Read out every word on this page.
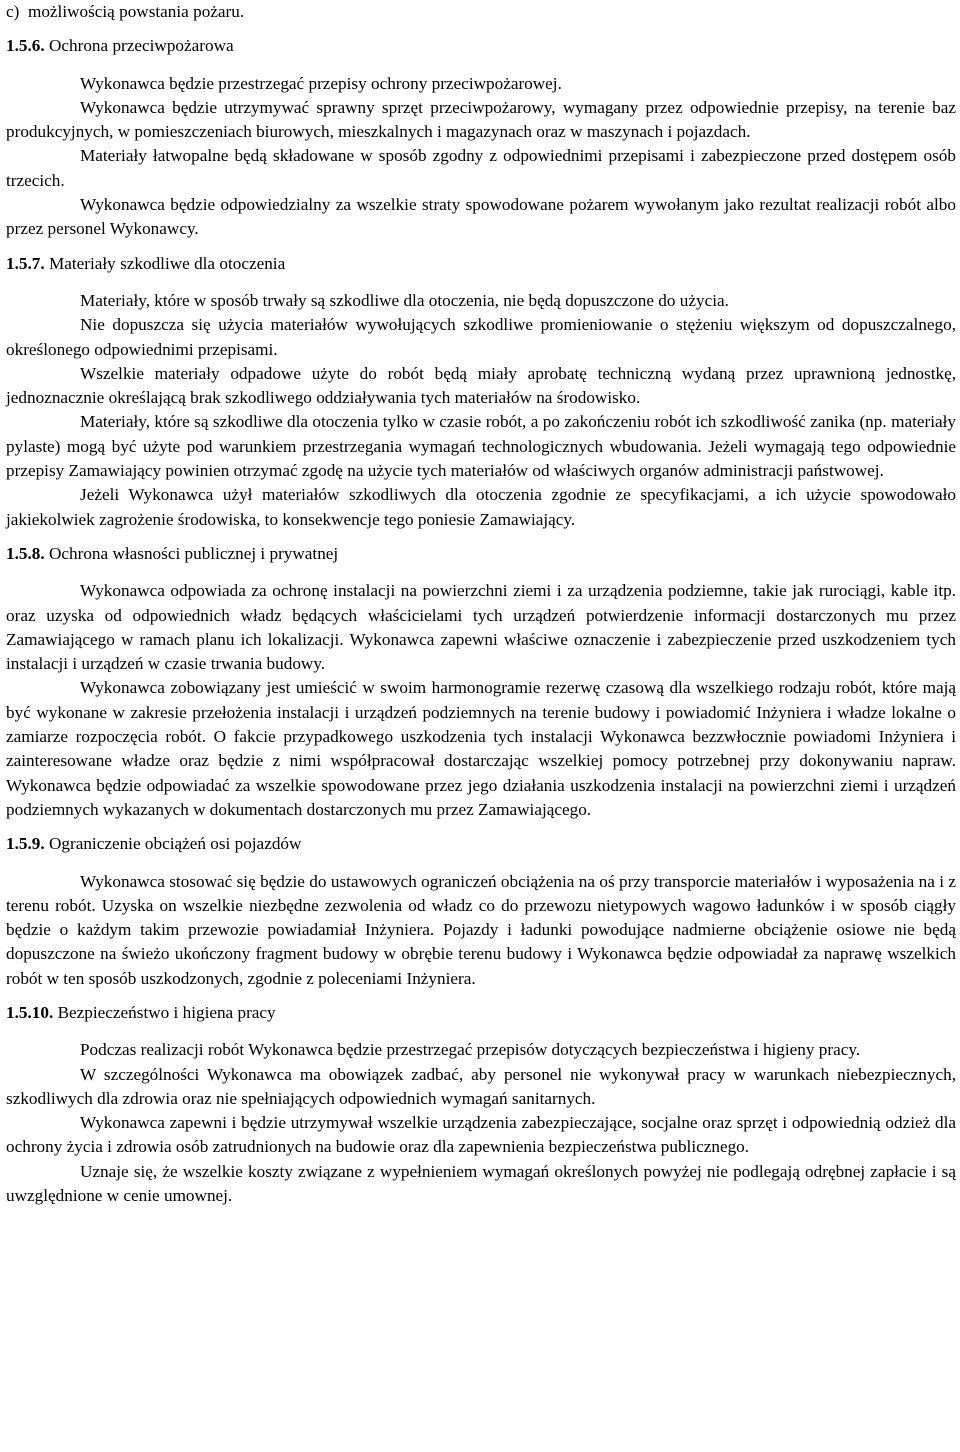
c)  możliwością powstania pożaru.

1.5.6. Ochrona przeciwpożarowa

Wykonawca będzie przestrzegać przepisy ochrony przeciwpożarowej.

Wykonawca będzie utrzymywać sprawny sprzęt przeciwpożarowy, wymagany przez odpowiednie przepisy, na terenie baz produkcyjnych, w pomieszczeniach biurowych, mieszkalnych i magazynach oraz w maszynach i pojazdach.

Materiały łatwopalne będą składowane w sposób zgodny z odpowiednimi przepisami i zabezpieczone przed dostępem osób trzecich.

Wykonawca będzie odpowiedzialny za wszelkie straty spowodowane pożarem wywołanym jako rezultat realizacji robót albo przez personel Wykonawcy.

1.5.7. Materiały szkodliwe dla otoczenia

Materiały, które w sposób trwały są szkodliwe dla otoczenia, nie będą dopuszczone do użycia.

Nie dopuszcza się użycia materiałów wywołujących szkodliwe promieniowanie o stężeniu większym od dopuszczalnego, określonego odpowiednimi przepisami.

Wszelkie materiały odpadowe użyte do robót będą miały aprobatę techniczną wydaną przez uprawnioną jednostkę, jednoznacznie określającą brak szkodliwego oddziaływania tych materiałów na środowisko.

Materiały, które są szkodliwe dla otoczenia tylko w czasie robót, a po zakończeniu robót ich szkodliwość zanika (np. materiały pylaste) mogą być użyte pod warunkiem przestrzegania wymagań technologicznych wbudowania. Jeżeli wymagają tego odpowiednie przepisy Zamawiający powinien otrzymać zgodę na użycie tych materiałów od właściwych organów administracji państwowej.

Jeżeli Wykonawca użył materiałów szkodliwych dla otoczenia zgodnie ze specyfikacjami, a ich użycie spowodowało jakiekolwiek zagrożenie środowiska, to konsekwencje tego poniesie Zamawiający.

1.5.8. Ochrona własności publicznej i prywatnej

Wykonawca odpowiada za ochronę instalacji na powierzchni ziemi i za urządzenia podziemne, takie jak rurociągi, kable itp. oraz uzyska od odpowiednich władz będących właścicielami tych urządzeń potwierdzenie informacji dostarczonych mu przez Zamawiającego w ramach planu ich lokalizacji. Wykonawca zapewni właściwe oznaczenie i zabezpieczenie przed uszkodzeniem tych instalacji i urządzeń w czasie trwania budowy.

Wykonawca zobowiązany jest umieścić w swoim harmonogramie rezerwę czasową dla wszelkiego rodzaju robót, które mają być wykonane w zakresie przełożenia instalacji i urządzeń podziemnych na terenie budowy i powiadomić Inżyniera i władze lokalne o zamiarze rozpoczęcia robót. O fakcie przypadkowego uszkodzenia tych instalacji Wykonawca bezzwłocznie powiadomi Inżyniera i zainteresowane władze oraz będzie z nimi współpracował dostarczając wszelkiej pomocy potrzebnej przy dokonywaniu napraw. Wykonawca będzie odpowiadać za wszelkie spowodowane przez jego działania uszkodzenia instalacji na powierzchni ziemi i urządzeń podziemnych wykazanych w dokumentach dostarczonych mu przez Zamawiającego.

1.5.9. Ograniczenie obciążeń osi pojazdów

Wykonawca stosować się będzie do ustawowych ograniczeń obciążenia na oś przy transporcie materiałów i wyposażenia na i z terenu robót. Uzyska on wszelkie niezbędne zezwolenia od władz co do przewozu nietypowych wagowo ładunków i w sposób ciągły będzie o każdym takim przewozie powiadamiał Inżyniera. Pojazdy i ładunki powodujące nadmierne obciążenie osiowe nie będą dopuszczone na świeżo ukończony fragment budowy w obrębie terenu budowy i Wykonawca będzie odpowiadał za naprawę wszelkich robót w ten sposób uszkodzonych, zgodnie z poleceniami Inżyniera.

1.5.10. Bezpieczeństwo i higiena pracy

Podczas realizacji robót Wykonawca będzie przestrzegać przepisów dotyczących bezpieczeństwa i higieny pracy.

W szczególności Wykonawca ma obowiązek zadbać, aby personel nie wykonywał pracy w warunkach niebezpiecznych, szkodliwych dla zdrowia oraz nie spełniających odpowiednich wymagań sanitarnych.

Wykonawca zapewni i będzie utrzymywał wszelkie urządzenia zabezpieczające, socjalne oraz sprzęt i odpowiednią odzież dla ochrony życia i zdrowia osób zatrudnionych na budowie oraz dla zapewnienia bezpieczeństwa publicznego.

Uznaje się, że wszelkie koszty związane z wypełnieniem wymagań określonych powyżej nie podlegają odrębnej zapłacie i są uwzględnione w cenie umownej.
